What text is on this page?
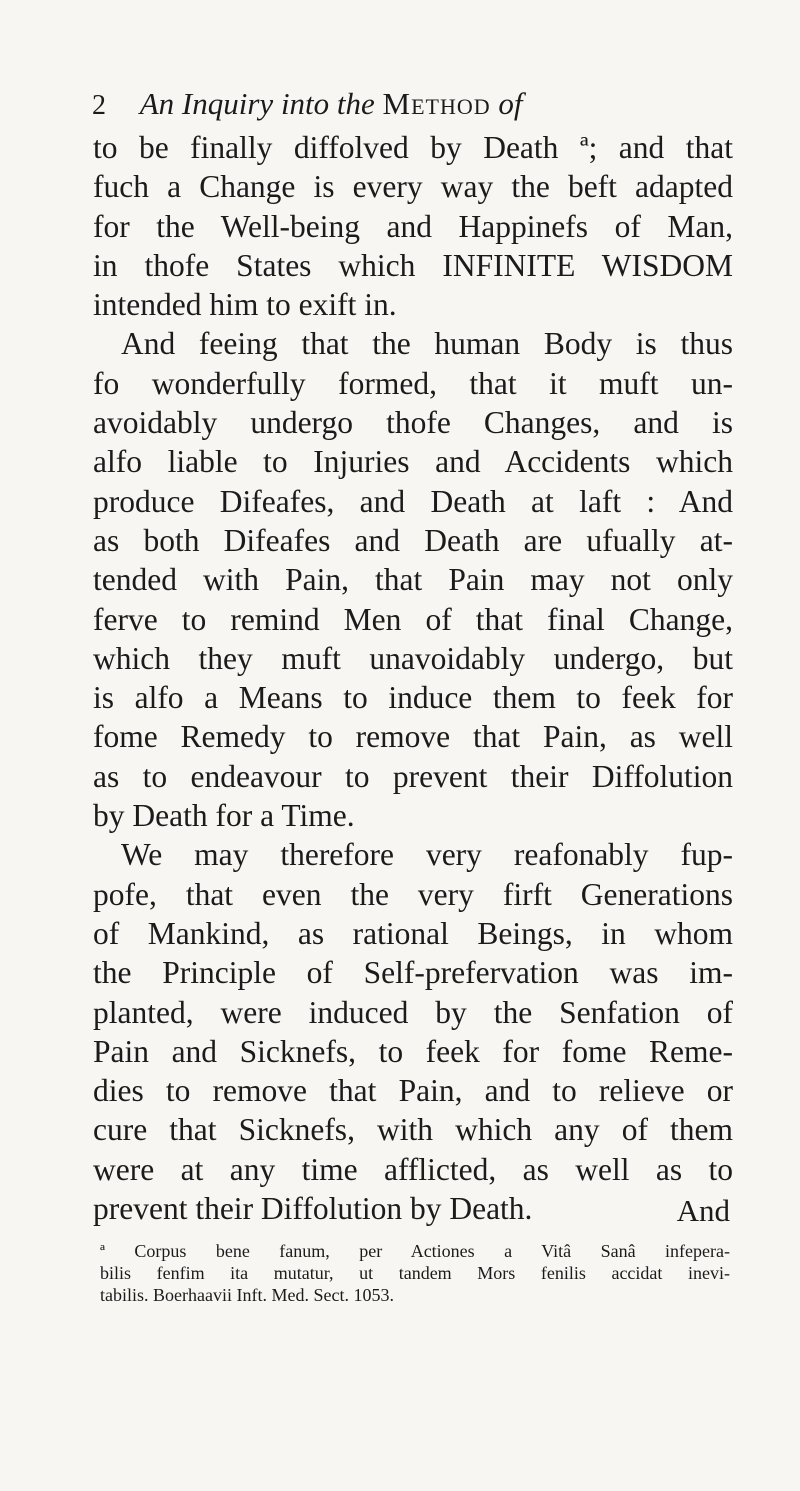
2 An Inquiry into the Method of
to be finally diffolved by Death ª; and that
fuch a Change is every way the beft adapted
for the Well-being and Happinefs of Man,
in thofe States which INFINITE WISDOM
intended him to exift in.
And feeing that the human Body is thus
fo wonderfully formed, that it muft un-
avoidably undergo thofe Changes, and is
alfo liable to Injuries and Accidents which
produce Difeafes, and Death at laft : And
as both Difeafes and Death are ufually at-
tended with Pain, that Pain may not only
ferve to remind Men of that final Change,
which they muft unavoidably undergo, but
is alfo a Means to induce them to feek for
fome Remedy to remove that Pain, as well
as to endeavour to prevent their Diffolution
by Death for a Time.
We may therefore very reafonably fup-
pofe, that even the very firft Generations
of Mankind, as rational Beings, in whom
the Principle of Self-prefervation was im-
planted, were induced by the Senfation of
Pain and Sicknefs, to feek for fome Reme-
dies to remove that Pain, and to relieve or
cure that Sicknefs, with which any of them
were at any time afflicted, as well as to
prevent their Diffolution by Death.	And
ª Corpus bene fanum, per Actiones a Vitâ Sanâ infepera-
bilis fenfim ita mutatur, ut tandem Mors fenilis accidat inevi-
tabilis. Boerhaavii Inft. Med. Sect. 1053.
